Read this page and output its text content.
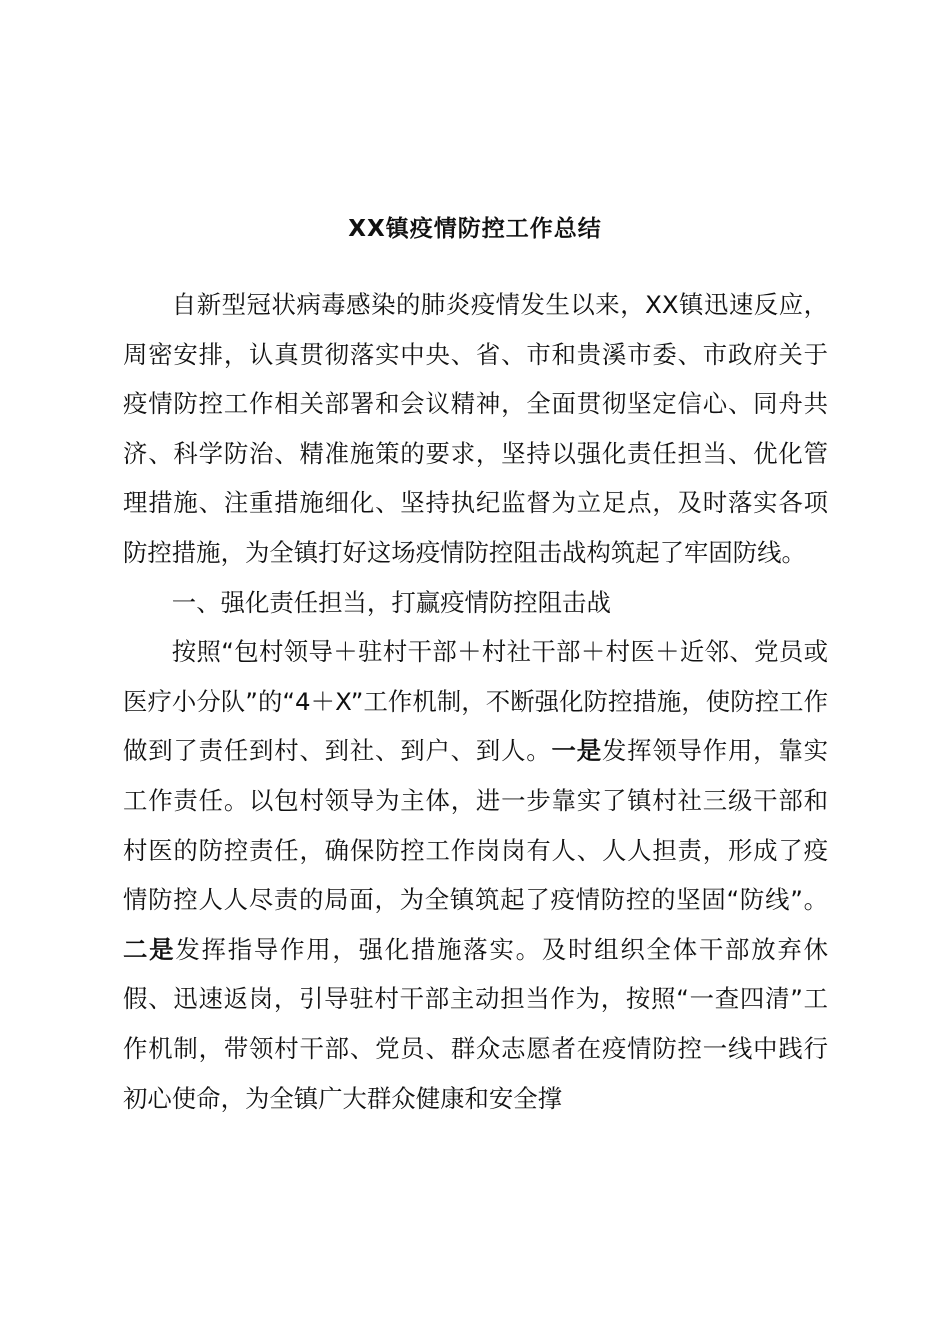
XX镇疫情防控工作总结

自新型冠状病毒感染的肺炎疫情发生以来，XX镇迅速反应，周密安排，认真贯彻落实中央、省、市和贵溪市委、市政府关于疫情防控工作相关部署和会议精神，全面贯彻坚定信心、同舟共济、科学防治、精准施策的要求，坚持以强化责任担当、优化管理措施、注重措施细化、坚持执纪监督为立足点，及时落实各项防控措施，为全镇打好这场疫情防控阻击战构筑起了牢固防线。

一、强化责任担当，打赢疫情防控阻击战

按照“包村领导＋驻村干部＋村社干部＋村医＋近邻、党员或医疗小分队”的“4＋X”工作机制，不断强化防控措施，使防控工作做到了责任到村、到社、到户、到人。一是发挥领导作用，靠实工作责任。以包村领导为主体，进一步靠实了镇村社三级干部和村医的防控责任，确保防控工作岗岗有人、人人担责，形成了疫情防控人人尽责的局面，为全镇筑起了疫情防控的坚固“防线”。二是发挥指导作用，强化措施落实。及时组织全体干部放弃休假、迅速返岗，引导驻村干部主动担当作为，按照“一查四清”工作机制，带领村干部、党员、群众志愿者在疫情防控一线中践行初心使命，为全镇广大群众健康和安全撑
